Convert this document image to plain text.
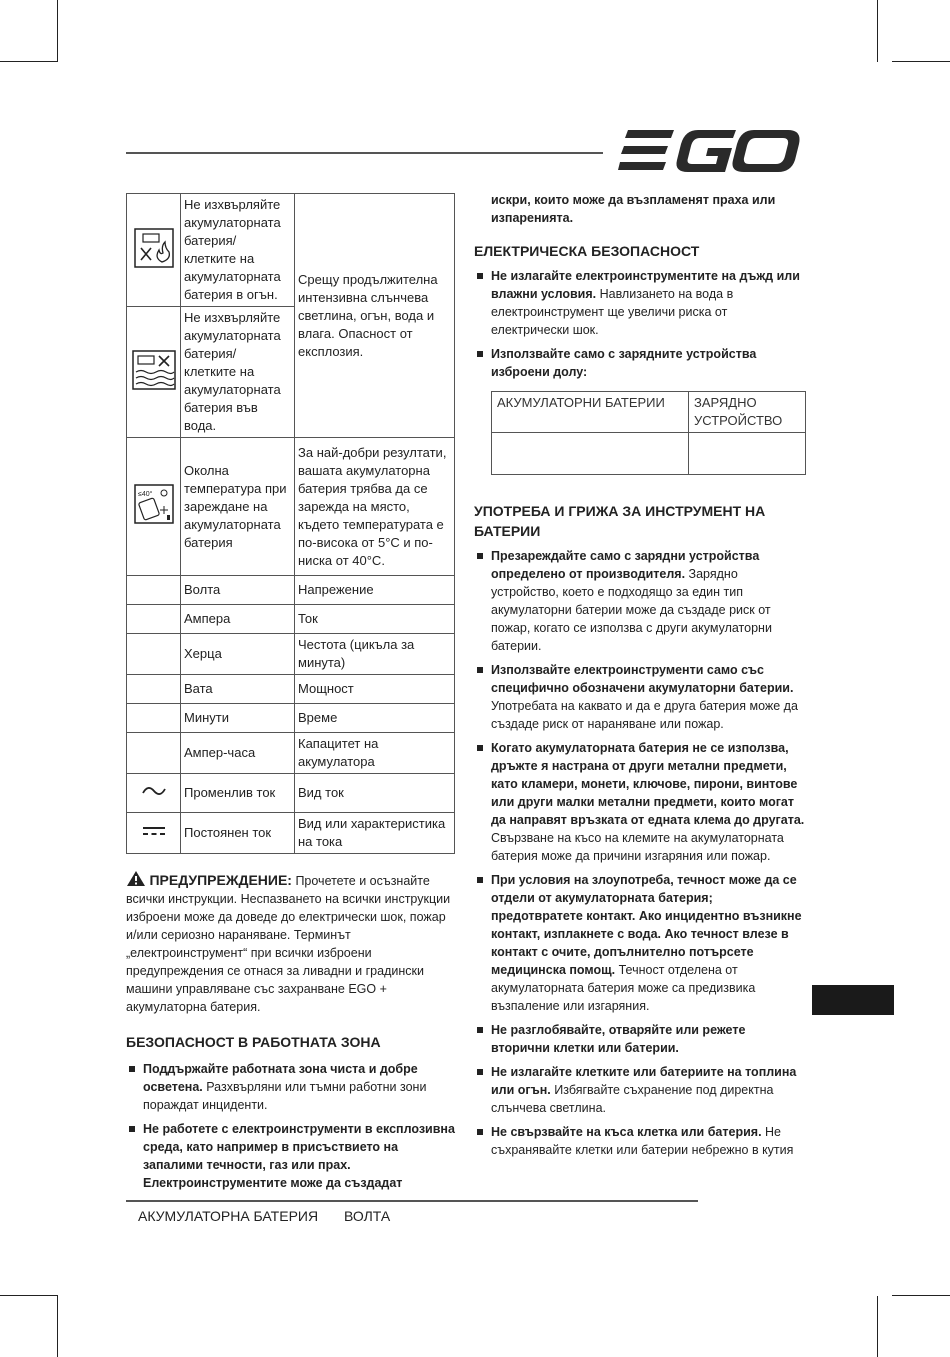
	Не изхвърляйте акумулаторната батерия/ клетките на акумулаторната батерия в огън.	Срещу продължителна интензивна слънчева светлина, огън, вода и влага. Опасност от експлозия.
	Не изхвърляйте акумулаторната батерия/ клетките на акумулаторната батерия във вода.	

≤40°	Околна температура при зареждане на акумулаторната батерия	За най-добри резултати, вашата акумулаторна батерия трябва да се зарежда на място, където температурата е по-висока от 5°C и по-ниска от 40°C.
	Волта	Напрежение
	Ампера	Ток
	Херца	Честота (цикъла за минута)
	Вата	Мощност
	Минути	Време
	Ампер-часа	Капацитет на акумулатора
	Променлив ток	Вид ток
	Постоянен ток	Вид или характеристика на тока
ПРЕДУПРЕЖДЕНИЕ: Прочетете и осъзнайте всички инструкции. Неспазването на всички инструкции изброени може да доведе до електрически шок, пожар и/или сериозно нараняване. Терминът „електроинструмент“ при всички изброени предупреждения се отнася за ливадни и градински машини управляване със захранване EGO + акумулаторна батерия.
БЕЗОПАСНОСТ В РАБОТНАТА ЗОНА
Поддържайте работната зона чиста и добре осветена. Разхвърляни или тъмни работни зони пораждат инциденти.
Не работете с електроинструменти в експлозивна среда, като например в присъствието на запалими течности, газ или прах. Електроинструментите може да създадат
искри, които може да възпламенят праха или изпаренията.
ЕЛЕКТРИЧЕСКА БЕЗОПАСНОСТ
Не излагайте електроинструментите на дъжд или влажни условия. Навлизането на вода в електроинструмент ще увеличи риска от електрически шок.
Използвайте само с зарядните устройства изброени долу:
АКУМУЛАТОРНИ БАТЕРИИ	ЗАРЯДНО УСТРОЙСТВО

УПОТРЕБА И ГРИЖА ЗА ИНСТРУМЕНТ НА БАТЕРИИ
Презареждайте само с зарядни устройства определено от производителя. Зарядно устройство, което е подходящо за един тип акумулаторни батерии може да създаде риск от пожар, когато се използва с други акумулаторни батерии.
Използвайте електроинструменти само със специфично обозначени акумулаторни батерии. Употребата на каквато и да е друга батерия може да създаде риск от нараняване или пожар.
Когато акумулаторната батерия не се използва, дръжте я настрана от други метални предмети, като кламери, монети, ключове, пирони, винтове или други малки метални предмети, които могат да направят връзката от едната клема до другата. Свързване на късо на клемите на акумулаторната батерия може да причини изгаряния или пожар.
При условия на злоупотреба, течност може да се отдели от акумулаторната батерия; предотвратете контакт. Ако инцидентно възникне контакт, изплакнете с вода. Ако течност влезе в контакт с очите, допълнително потърсете медицинска помощ. Течност отделена от акумулаторната батерия може са предизвика възпаление или изгаряния.
Не разглобявайте, отваряйте или режете вторични клетки или батерии.
Не излагайте клетките или батериите на топлина или огън. Избягвайте съхранение под директна слънчева светлина.
Не свързвайте на къса клетка или батерия. Не съхранявайте клетки или батерии небрежно в кутия
АКУМУЛАТОРНА БАТЕРИЯ ВОЛТА
